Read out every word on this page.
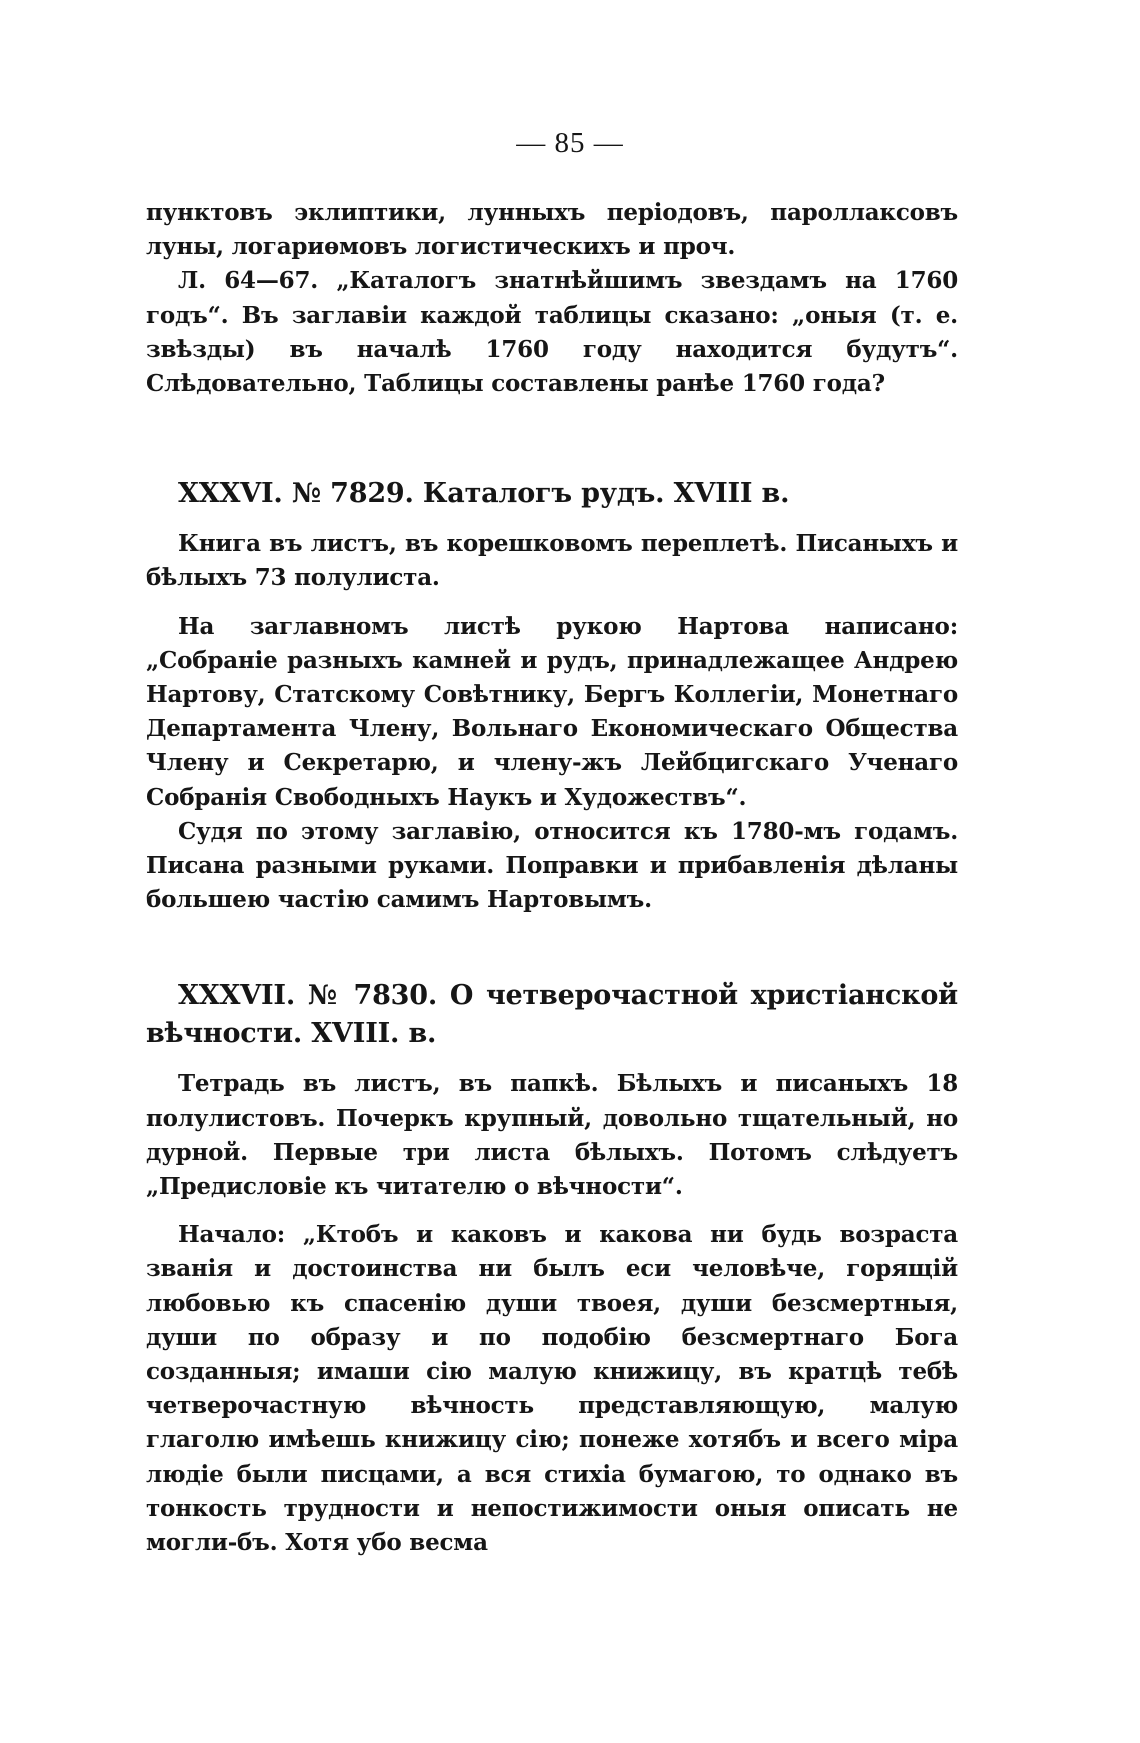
— 85 —

пунктовъ эклиптики, лунныхъ періодовъ, пароллаксовъ луны, логариѳмовъ логистическихъ и проч.

Л. 64—67. „Каталогъ знатнѣйшимъ звездамъ на 1760 годъ“. Въ заглавіи каждой таблицы сказано: „оныя (т. е. звѣзды) въ началѣ 1760 году находится будутъ“. Слѣдовательно, Таблицы составлены ранѣе 1760 года?

XXXVI. № 7829. Каталогъ рудъ. XVIII в.

Книга въ листъ, въ корешковомъ переплетѣ. Писаныхъ и бѣлыхъ 73 полулиста.

На заглавномъ листѣ рукою Нартова написано: „Собраніе разныхъ камней и рудъ, принадлежащее Андрею Нартову, Статскому Совѣтнику, Бергъ Коллегіи, Монетнаго Департамента Члену, Вольнаго Економическаго Общества Члену и Секретарю, и члену-жъ Лейбцигскаго Ученаго Собранія Свободныхъ Наукъ и Художествъ“.

Судя по этому заглавію, относится къ 1780-мъ годамъ. Писана разными руками. Поправки и прибавленія дѣланы большею частію самимъ Нартовымъ.

XXXVII. № 7830. О четверочастной христіанской вѣчности. XVIII. в.

Тетрадь въ листъ, въ папкѣ. Бѣлыхъ и писаныхъ 18 полулистовъ. Почеркъ крупный, довольно тщательный, но дурной. Первые три листа бѣлыхъ. Потомъ слѣдуетъ „Предисловіе къ читателю о вѣчности“.

Начало: „Ктобъ и каковъ и какова ни будь возраста званія и достоинства ни былъ еси человѣче, горящій любовью къ спасенію души твоея, души безсмертныя, души по образу и по подобію безсмертнаго Бога созданныя; имаши сію малую книжицу, въ кратцѣ тебѣ четверочастную вѣчность представляющую, малую глаголю имѣешь книжицу сію; понеже хотябъ и всего міра людіе были писцами, а вся стихіа бумагою, то однако въ тонкость трудности и непостижимости оныя описать не могли-бъ. Хотя убо весма
